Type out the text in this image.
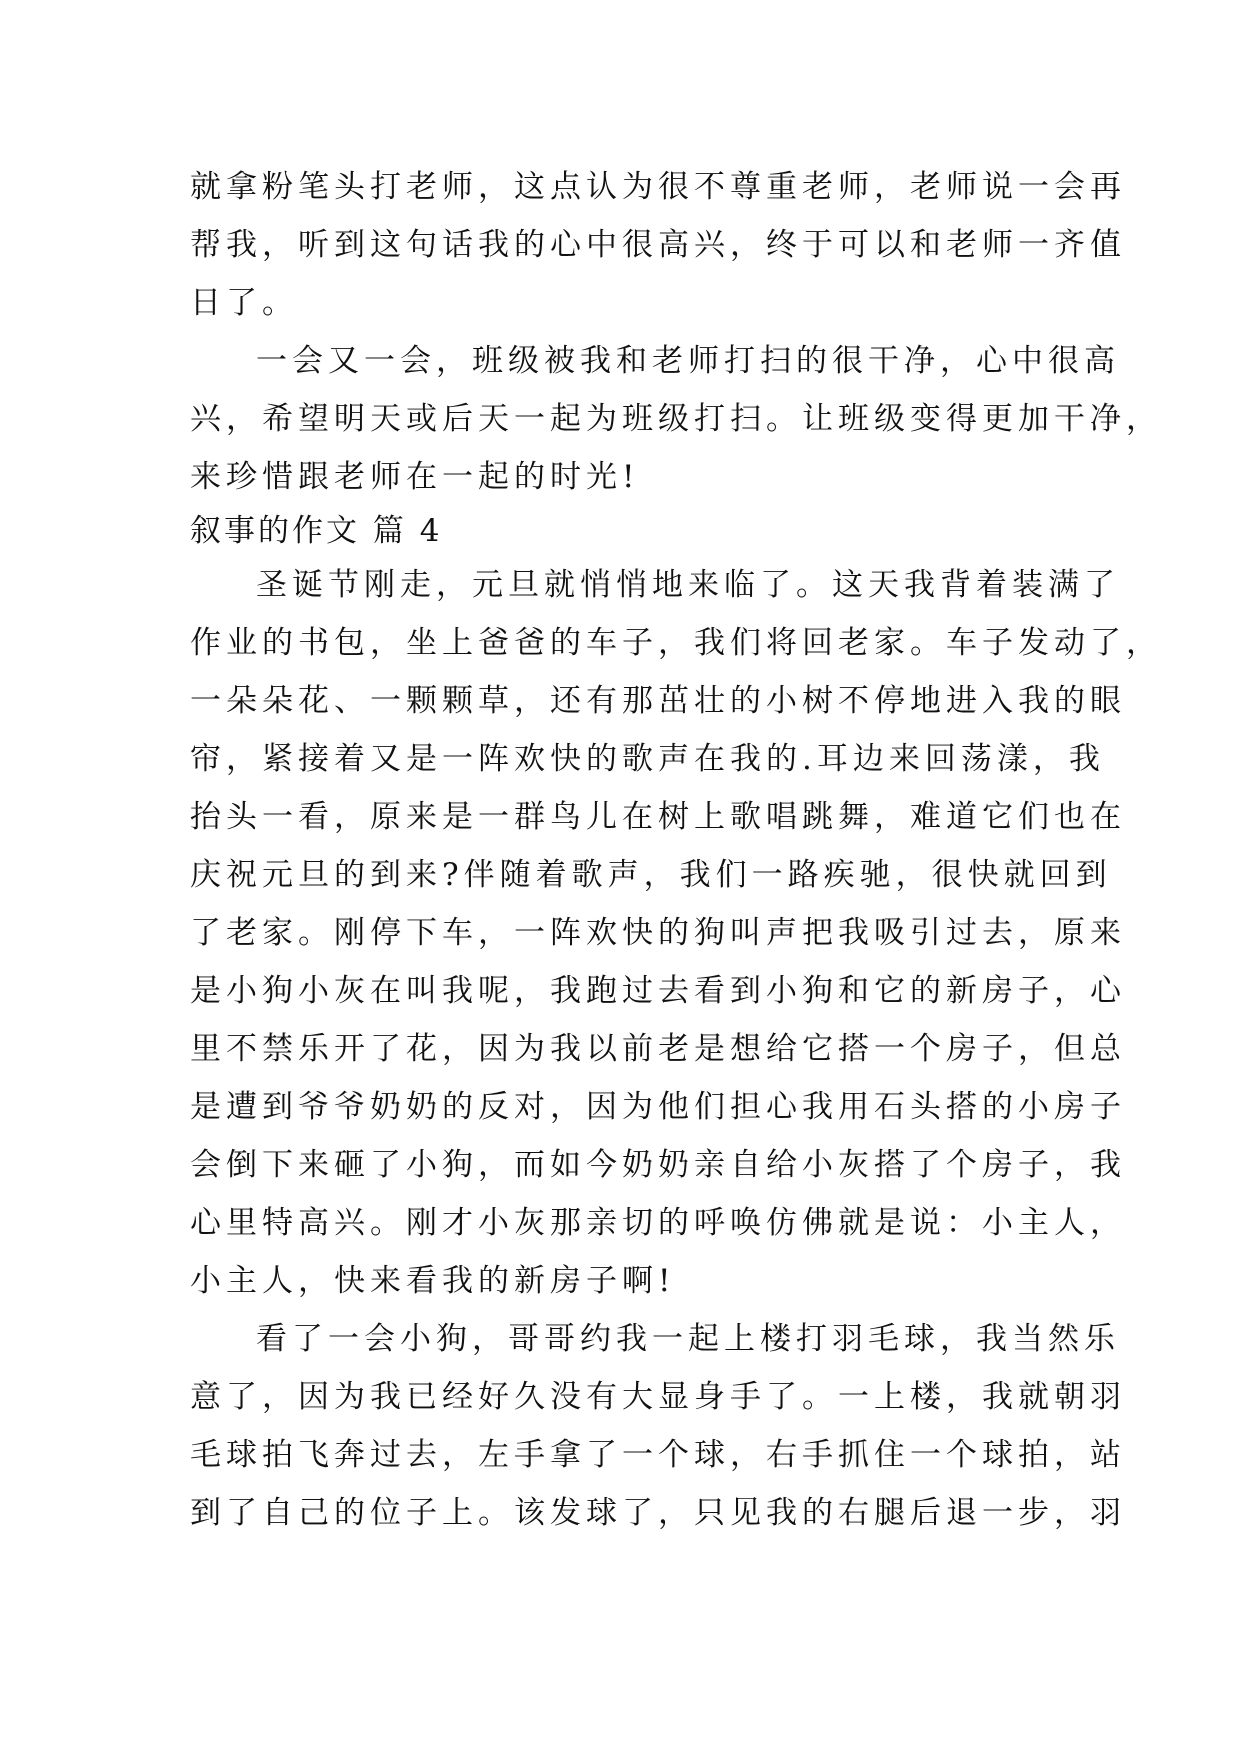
就拿粉笔头打老师，这点认为很不尊重老师，老师说一会再
帮我，听到这句话我的心中很高兴，终于可以和老师一齐值
日了。
一会又一会，班级被我和老师打扫的很干净，心中很高
兴，希望明天或后天一起为班级打扫。让班级变得更加干净，
来珍惜跟老师在一起的时光!
叙事的作文 篇 4
圣诞节刚走，元旦就悄悄地来临了。这天我背着装满了
作业的书包，坐上爸爸的车子，我们将回老家。车子发动了，
一朵朵花、一颗颗草，还有那茁壮的小树不停地进入我的眼
帘，紧接着又是一阵欢快的歌声在我的.耳边来回荡漾，我
抬头一看，原来是一群鸟儿在树上歌唱跳舞，难道它们也在
庆祝元旦的到来?伴随着歌声，我们一路疾驰，很快就回到
了老家。刚停下车，一阵欢快的狗叫声把我吸引过去，原来
是小狗小灰在叫我呢，我跑过去看到小狗和它的新房子，心
里不禁乐开了花，因为我以前老是想给它搭一个房子，但总
是遭到爷爷奶奶的反对，因为他们担心我用石头搭的小房子
会倒下来砸了小狗，而如今奶奶亲自给小灰搭了个房子，我
心里特高兴。刚才小灰那亲切的呼唤仿佛就是说：小主人，
小主人，快来看我的新房子啊!
看了一会小狗，哥哥约我一起上楼打羽毛球，我当然乐
意了，因为我已经好久没有大显身手了。一上楼，我就朝羽
毛球拍飞奔过去，左手拿了一个球，右手抓住一个球拍，站
到了自己的位子上。该发球了，只见我的右腿后退一步，羽
